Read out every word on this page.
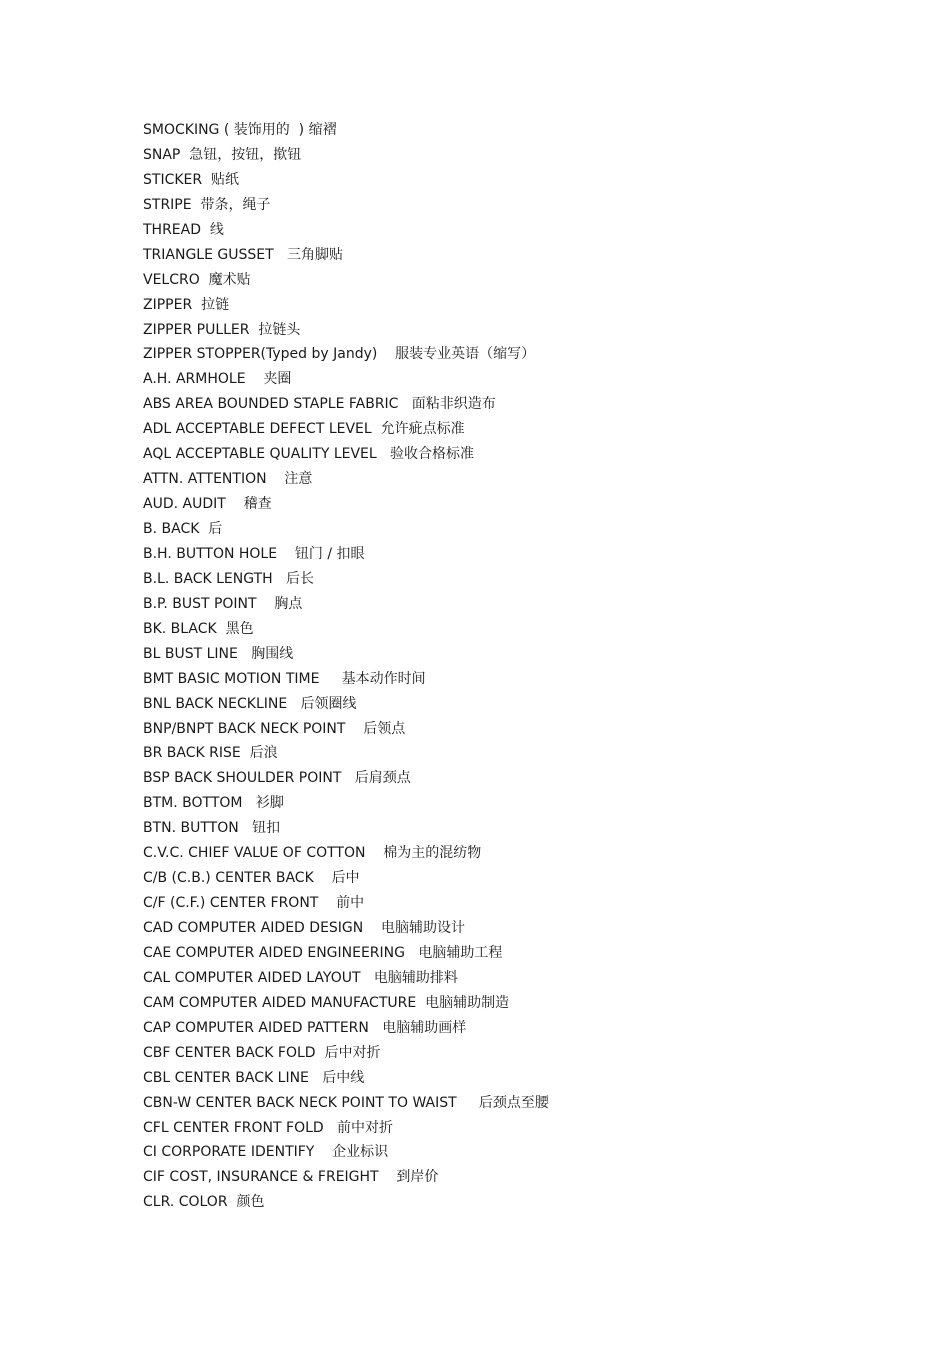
SMOCKING ( 装饰用的  ) 缩褶
SNAP  急钮，按钮，揿钮
STICKER  贴纸
STRIPE  带条，绳子
THREAD  线
TRIANGLE GUSSET   三角脚贴
VELCRO  魔术贴
ZIPPER  拉链
ZIPPER PULLER  拉链头
ZIPPER STOPPER(Typed by Jandy)    服装专业英语（缩写）
A.H. ARMHOLE    夹圈
ABS AREA BOUNDED STAPLE FABRIC   面粘非织造布
ADL ACCEPTABLE DEFECT LEVEL  允许疵点标准
AQL ACCEPTABLE QUALITY LEVEL   验收合格标准
ATTN. ATTENTION    注意
AUD. AUDIT    稽查
B. BACK  后
B.H. BUTTON HOLE    钮门 / 扣眼
B.L. BACK LENGTH   后长
B.P. BUST POINT    胸点
BK. BLACK  黑色
BL BUST LINE   胸围线
BMT BASIC MOTION TIME     基本动作时间
BNL BACK NECKLINE   后领圈线
BNP/BNPT BACK NECK POINT    后领点
BR BACK RISE  后浪
BSP BACK SHOULDER POINT   后肩颈点
BTM. BOTTOM   衫脚
BTN. BUTTON   钮扣
C.V.C. CHIEF VALUE OF COTTON    棉为主的混纺物
C/B (C.B.) CENTER BACK    后中
C/F (C.F.) CENTER FRONT    前中
CAD COMPUTER AIDED DESIGN    电脑辅助设计
CAE COMPUTER AIDED ENGINEERING   电脑辅助工程
CAL COMPUTER AIDED LAYOUT   电脑辅助排料
CAM COMPUTER AIDED MANUFACTURE  电脑辅助制造
CAP COMPUTER AIDED PATTERN   电脑辅助画样
CBF CENTER BACK FOLD  后中对折
CBL CENTER BACK LINE   后中线
CBN-W CENTER BACK NECK POINT TO WAIST     后颈点至腰
CFL CENTER FRONT FOLD   前中对折
CI CORPORATE IDENTIFY    企业标识
CIF COST, INSURANCE & FREIGHT    到岸价
CLR. COLOR  颜色
